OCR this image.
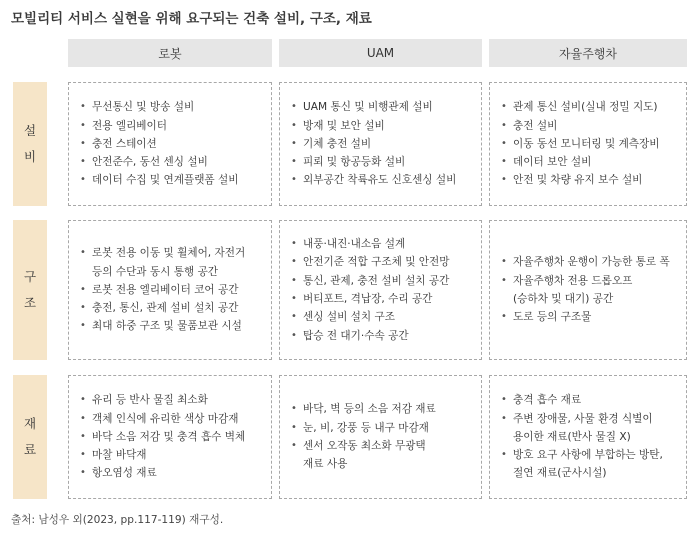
모빌리티 서비스 실현을 위해 요구되는 건축 설비, 구조, 재료
로봇	UAM	자율주행차
설
비
• 무선통신 및 방송 설비
• 전용 엘리베이터
• 충전 스테이션
• 안전준수, 동선 센싱 설비
• 데이터 수집 및 연계플랫폼 설비
• UAM 통신 및 비행관제 설비
• 방재 및 보안 설비
• 기체 충전 설비
• 피뢰 및 항공등화 설비
• 외부공간 착륙유도 신호센싱 설비
• 관제 통신 설비(실내 정밀 지도)
• 충전 설비
• 이동 동선 모니터링 및 계측장비
• 데이터 보안 설비
• 안전 및 차량 유지 보수 설비
구
조
• 로봇 전용 이동 및 휠체어, 자전거
등의 수단과 동시 통행 공간
• 로봇 전용 엘리베이터 코어 공간
• 충전, 통신, 관제 설비 설치 공간
• 최대 하중 구조 및 물품보관 시설
• 내풍·내진·내소음 설계
• 안전기준 적합 구조체 및 안전망
• 통신, 관제, 충전 설비 설치 공간
• 버티포트, 격납장, 수리 공간
• 센싱 설비 설치 구조
• 탑승 전 대기·수속 공간
• 자율주행차 운행이 가능한 통로 폭
• 자율주행차 전용 드롭오프
(승하차 및 대기) 공간
• 도로 등의 구조물
재
료
• 유리 등 반사 물질 최소화
• 객체 인식에 유리한 색상 마감재
• 바닥 소음 저감 및 충격 흡수 벽체
• 마찰 바닥재
• 항오염성 재료
• 바닥, 벽 등의 소음 저감 재료
• 눈, 비, 강풍 등 내구 마감재
• 센서 오작동 최소화 무광택
재료 사용
• 충격 흡수 재료
• 주변 장애물, 사물 환경 식별이
용이한 재료(반사 물질 X)
• 방호 요구 사항에 부합하는 방탄,
절연 재료(군사시설)
출처: 남성우 외(2023, pp.117-119) 재구성.
